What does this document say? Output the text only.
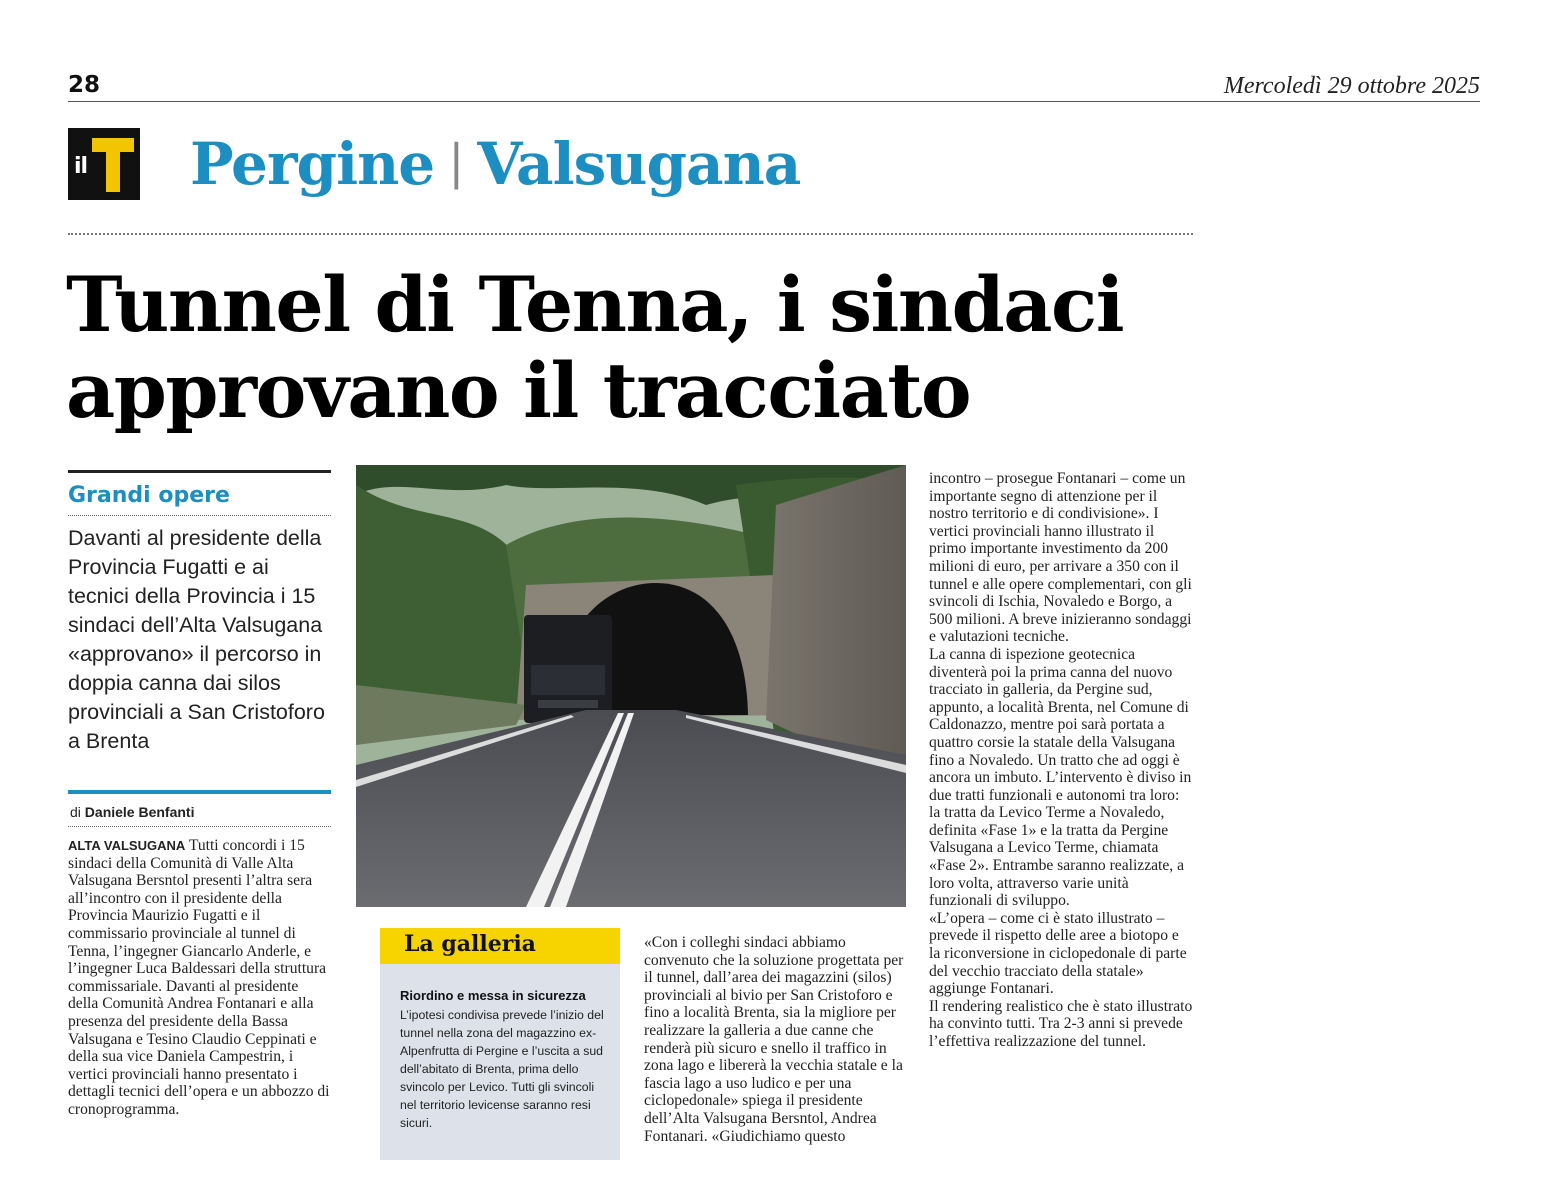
28	Mercoledì 29 ottobre 2025
il Pergine | Valsugana
Tunnel di Tenna, i sindaci
approvano il tracciato
Grandi opere
Davanti al presidente della Provincia Fugatti e ai tecnici della Provincia i 15 sindaci dell’Alta Valsugana «approvano» il percorso in doppia canna dai silos provinciali a San Cristoforo a Brenta
di Daniele Benfanti
ALTA VALSUGANA Tutti concordi i 15 sindaci della Comunità di Valle Alta Valsugana Bersntol presenti l’altra sera all’incontro con il presidente della Provincia Maurizio Fugatti e il commissario provinciale al tunnel di Tenna, l’ingegner Giancarlo Anderle, e l’ingegner Luca Baldessari della struttura commissariale. Davanti al presidente della Comunità Andrea Fontanari e alla presenza del presidente della Bassa Valsugana e Tesino Claudio Ceppinati e della sua vice Daniela Campestrin, i vertici provinciali hanno presentato i dettagli tecnici dell’opera e un abbozzo di cronoprogramma.
La galleria
Riordino e messa in sicurezza
L’ipotesi condivisa prevede l’inizio del tunnel nella zona del magazzino ex-Alpenfrutta di Pergine e l’uscita a sud dell’abitato di Brenta, prima dello svincolo per Levico. Tutti gli svincoli nel territorio levicense saranno resi sicuri.
«Con i colleghi sindaci abbiamo convenuto che la soluzione progettata per il tunnel, dall’area dei magazzini (silos) provinciali al bivio per San Cristoforo e fino a località Brenta, sia la migliore per realizzare la galleria a due canne che renderà più sicuro e snello il traffico in zona lago e libererà la vecchia statale e la fascia lago a uso ludico e per una ciclopedonale» spiega il presidente dell’Alta Valsugana Bersntol, Andrea Fontanari. «Giudichiamo questo
incontro – prosegue Fontanari – come un importante segno di attenzione per il nostro territorio e di condivisione». I vertici provinciali hanno illustrato il primo importante investimento da 200 milioni di euro, per arrivare a 350 con il tunnel e alle opere complementari, con gli svincoli di Ischia, Novaledo e Borgo, a 500 milioni. A breve inizieranno sondaggi e valutazioni tecniche.
La canna di ispezione geotecnica diventerà poi la prima canna del nuovo tracciato in galleria, da Pergine sud, appunto, a località Brenta, nel Comune di Caldonazzo, mentre poi sarà portata a quattro corsie la statale della Valsugana fino a Novaledo. Un tratto che ad oggi è ancora un imbuto. L’intervento è diviso in due tratti funzionali e autonomi tra loro: la tratta da Levico Terme a Novaledo, definita «Fase 1» e la tratta da Pergine Valsugana a Levico Terme, chiamata «Fase 2». Entrambe saranno realizzate, a loro volta, attraverso varie unità funzionali di sviluppo.
«L’opera – come ci è stato illustrato – prevede il rispetto delle aree a biotopo e la riconversione in ciclopedonale di parte del vecchio tracciato della statale» aggiunge Fontanari.
Il rendering realistico che è stato illustrato ha convinto tutti. Tra 2-3 anni si prevede l’effettiva realizzazione del tunnel.
